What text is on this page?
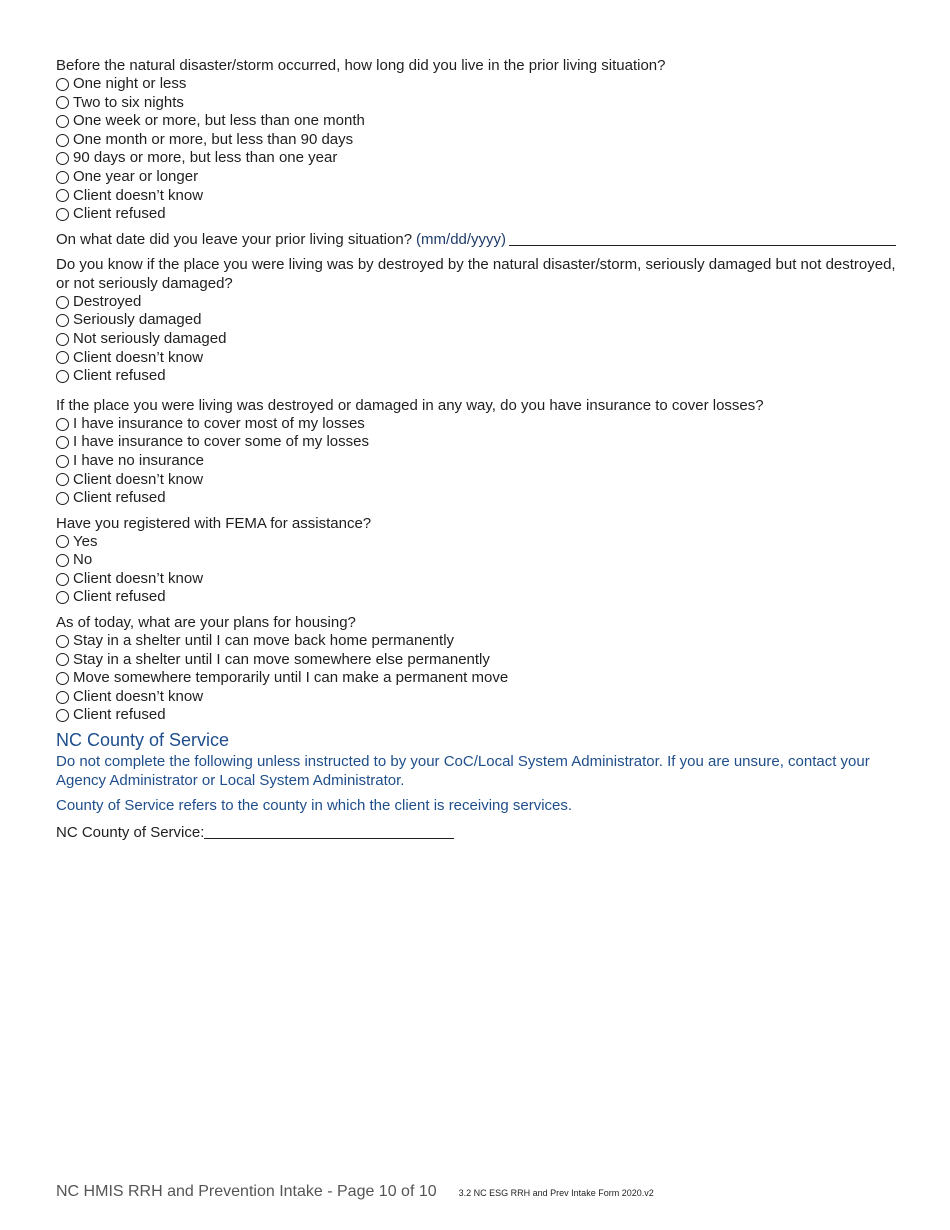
Before the natural disaster/storm occurred, how long did you live in the prior living situation?

One night or less
Two to six nights
One week or more, but less than one month
One month or more, but less than 90 days
90 days or more, but less than one year
One year or longer
Client doesn’t know
Client refused
On what date did you leave your prior living situation? (mm/dd/yyyy)

Do you know if the place you were living was by destroyed by the natural disaster/storm, seriously damaged but not destroyed, or not seriously damaged?

Destroyed
Seriously damaged
Not seriously damaged
Client doesn’t know
Client refused

If the place you were living was destroyed or damaged in any way, do you have insurance to cover losses?

I have insurance to cover most of my losses
I have insurance to cover some of my losses
I have no insurance
Client doesn’t know
Client refused

Have you registered with FEMA for assistance?

Yes
No
Client doesn’t know
Client refused

As of today, what are your plans for housing?

Stay in a shelter until I can move back home permanently
Stay in a shelter until I can move somewhere else permanently
Move somewhere temporarily until I can make a permanent move
Client doesn’t know
Client refused
NC County of Service

Do not complete the following unless instructed to by your CoC/Local System Administrator. If you are unsure, contact your Agency Administrator or Local System Administrator.

County of Service refers to the county in which the client is receiving services.

NC County of Service:
NC HMIS RRH and Prevention Intake - Page 10 of 10 3.2 NC ESG RRH and Prev Intake Form 2020.v2
